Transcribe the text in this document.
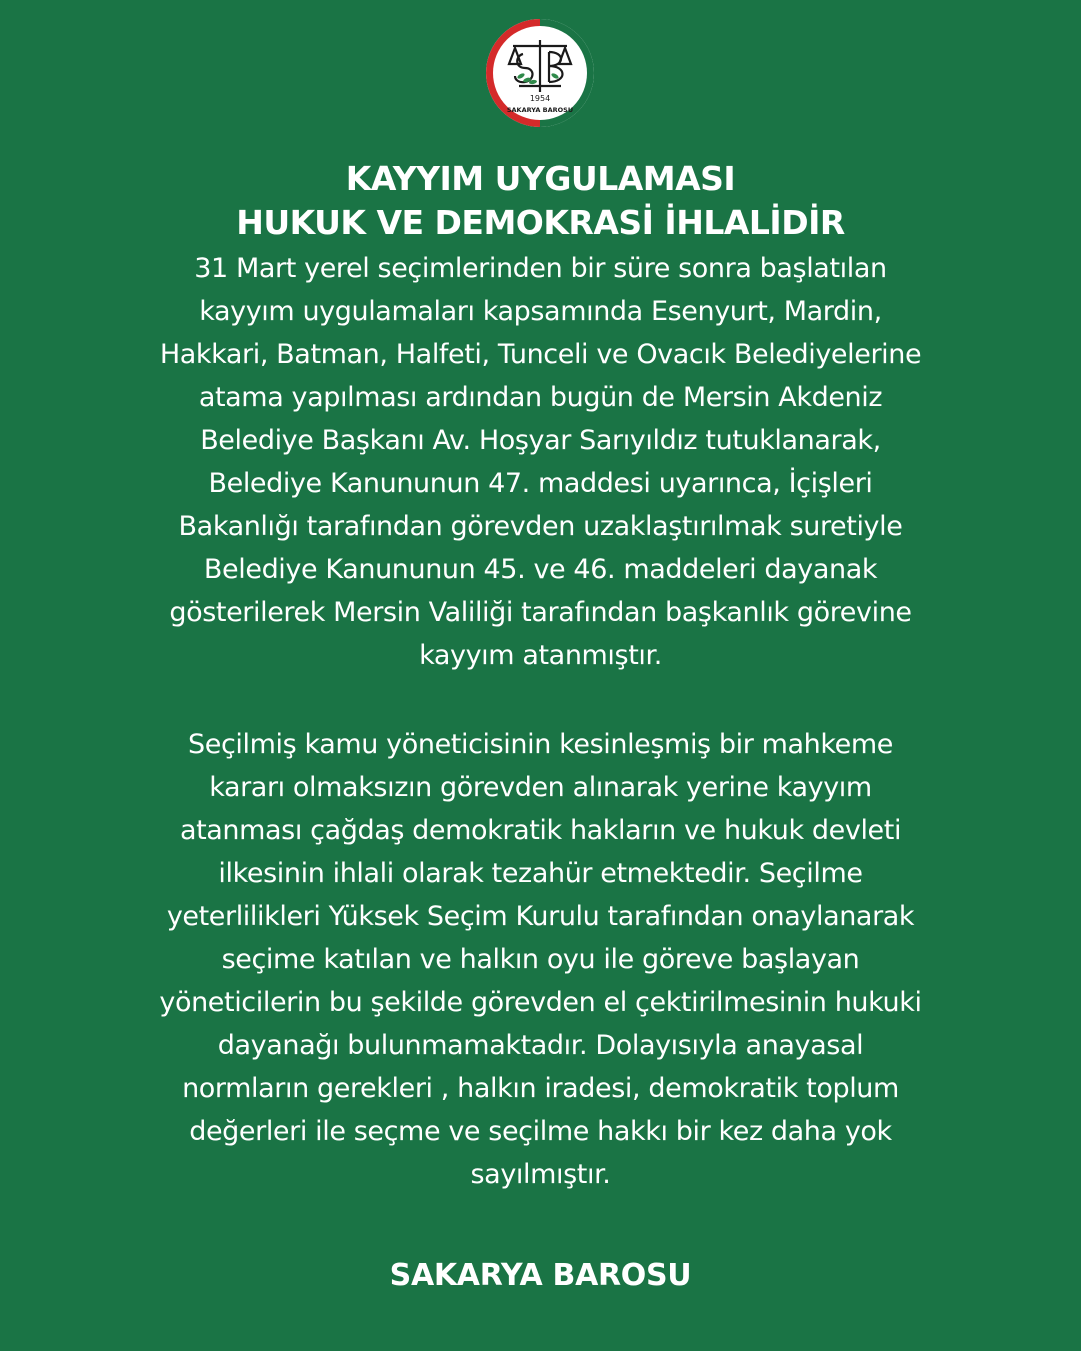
1954
SAKARYA BAROSU
KAYYIM UYGULAMASI
HUKUK VE DEMOKRASİ İHLALİDİR
31 Mart yerel seçimlerinden bir süre sonra başlatılan
kayyım uygulamaları kapsamında Esenyurt, Mardin,
Hakkari, Batman, Halfeti, Tunceli ve Ovacık Belediyelerine
atama yapılması ardından bugün de Mersin Akdeniz
Belediye Başkanı Av. Hoşyar Sarıyıldız tutuklanarak,
Belediye Kanununun 47. maddesi uyarınca, İçişleri
Bakanlığı tarafından görevden uzaklaştırılmak suretiyle
Belediye Kanununun 45. ve 46. maddeleri dayanak
gösterilerek Mersin Valiliği tarafından başkanlık görevine
kayyım atanmıştır.
Seçilmiş kamu yöneticisinin kesinleşmiş bir mahkeme
kararı olmaksızın görevden alınarak yerine kayyım
atanması çağdaş demokratik hakların ve hukuk devleti
ilkesinin ihlali olarak tezahür etmektedir. Seçilme
yeterlilikleri Yüksek Seçim Kurulu tarafından onaylanarak
seçime katılan ve halkın oyu ile göreve başlayan
yöneticilerin bu şekilde görevden el çektirilmesinin hukuki
dayanağı bulunmamaktadır. Dolayısıyla anayasal
normların gerekleri , halkın iradesi, demokratik toplum
değerleri ile seçme ve seçilme hakkı bir kez daha yok
sayılmıştır.
SAKARYA BAROSU
